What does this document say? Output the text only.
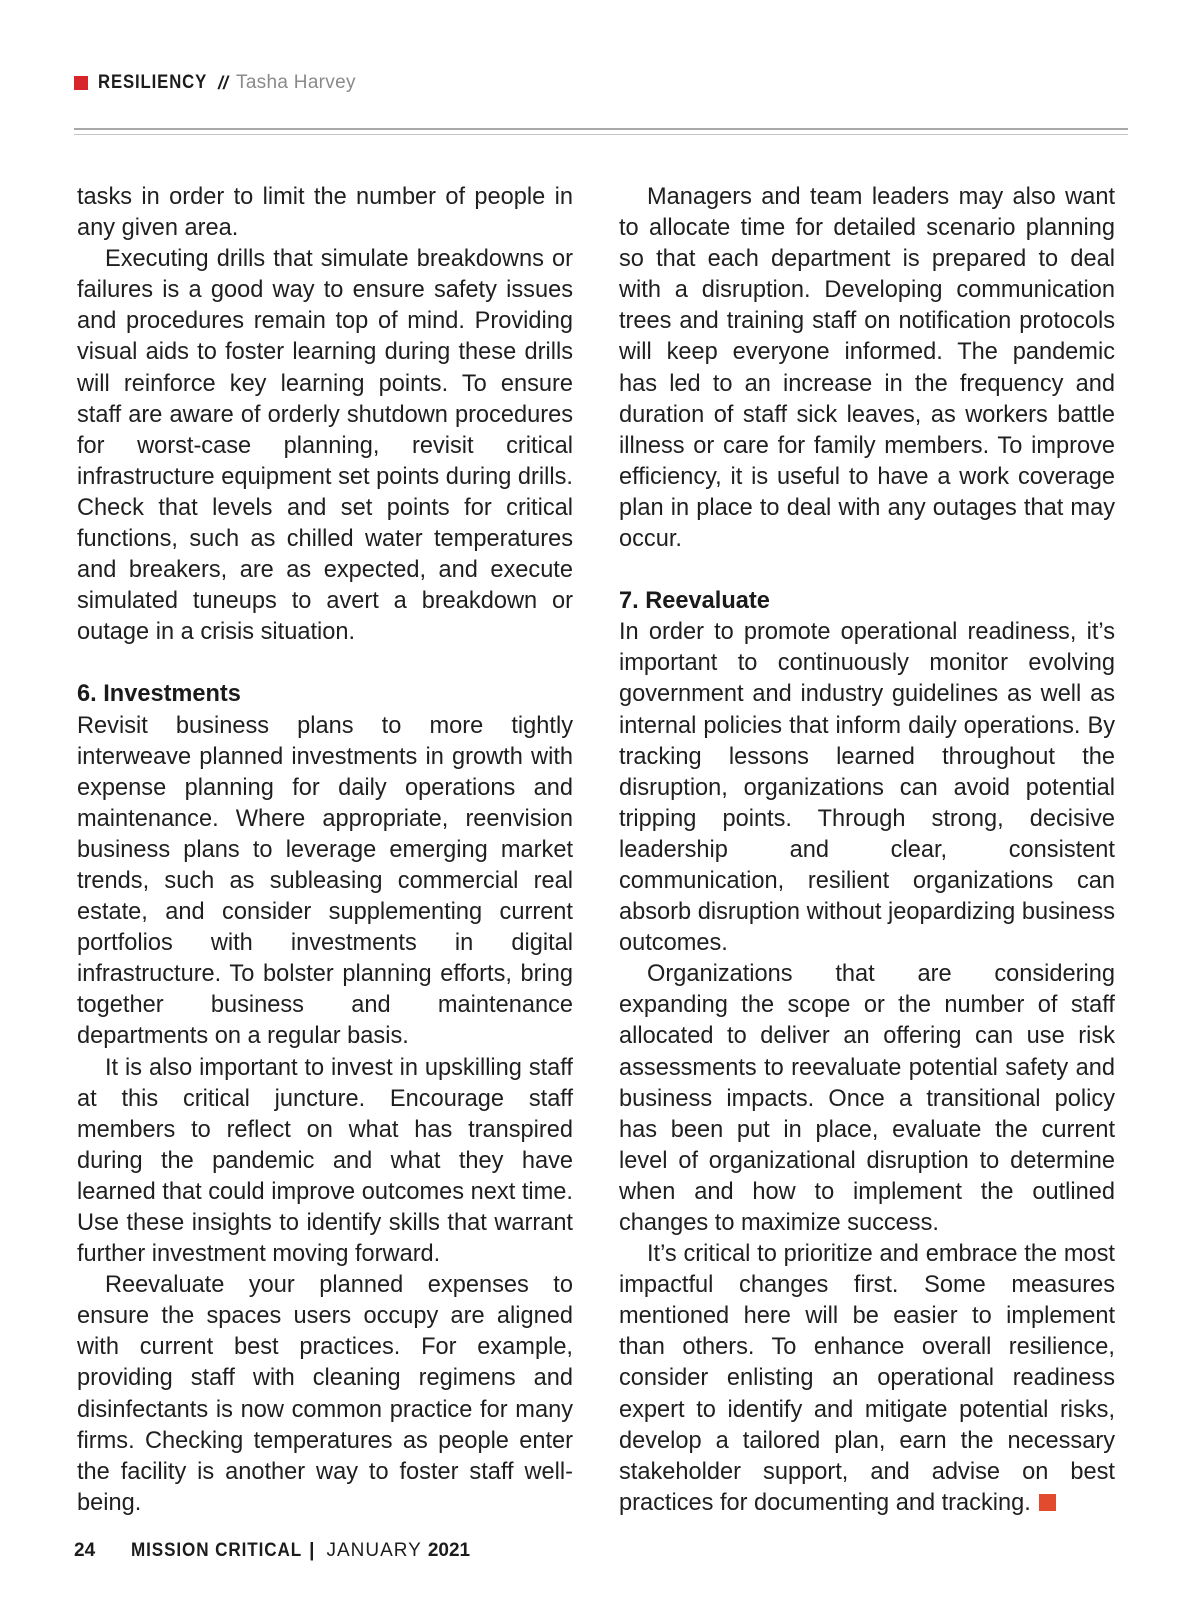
RESILIENCY // Tasha Harvey

tasks in order to limit the number of people in any given area.

Executing drills that simulate breakdowns or failures is a good way to ensure safety issues and procedures remain top of mind. Providing visual aids to foster learning during these drills will reinforce key learning points. To ensure staff are aware of orderly shutdown procedures for worst-case planning, revisit critical infrastructure equipment set points during drills. Check that levels and set points for critical functions, such as chilled water temperatures and breakers, are as expected, and execute simulated tuneups to avert a breakdown or outage in a crisis situation.

6. Investments

Revisit business plans to more tightly interweave planned investments in growth with expense planning for daily operations and maintenance. Where appropriate, reenvision business plans to leverage emerging market trends, such as subleasing commercial real estate, and consider supplementing current portfolios with investments in digital infrastructure. To bolster planning efforts, bring together business and maintenance departments on a regular basis.

It is also important to invest in upskilling staff at this critical juncture. Encourage staff members to reflect on what has transpired during the pandemic and what they have learned that could improve outcomes next time. Use these insights to identify skills that warrant further investment moving forward.

Reevaluate your planned expenses to ensure the spaces users occupy are aligned with current best practices. For example, providing staff with cleaning regimens and disinfectants is now common practice for many firms. Checking temperatures as people enter the facility is another way to foster staff well-being.

Managers and team leaders may also want to allocate time for detailed scenario planning so that each department is prepared to deal with a disruption. Developing communication trees and training staff on notification protocols will keep everyone informed. The pandemic has led to an increase in the frequency and duration of staff sick leaves, as workers battle illness or care for family members. To improve efficiency, it is useful to have a work coverage plan in place to deal with any outages that may occur.

7. Reevaluate

In order to promote operational readiness, it’s important to continuously monitor evolving government and industry guidelines as well as internal policies that inform daily operations. By tracking lessons learned throughout the disruption, organizations can avoid potential tripping points. Through strong, decisive leadership and clear, consistent communication, resilient organizations can absorb disruption without jeopardizing business outcomes.

Organizations that are considering expanding the scope or the number of staff allocated to deliver an offering can use risk assessments to reevaluate potential safety and business impacts. Once a transitional policy has been put in place, evaluate the current level of organizational disruption to determine when and how to implement the outlined changes to maximize success.

It’s critical to prioritize and embrace the most impactful changes first. Some measures mentioned here will be easier to implement than others. To enhance overall resilience, consider enlisting an operational readiness expert to identify and mitigate potential risks, develop a tailored plan, earn the necessary stakeholder support, and advise on best practices for documenting and tracking.

24 MISSION CRITICAL | JANUARY 2021
